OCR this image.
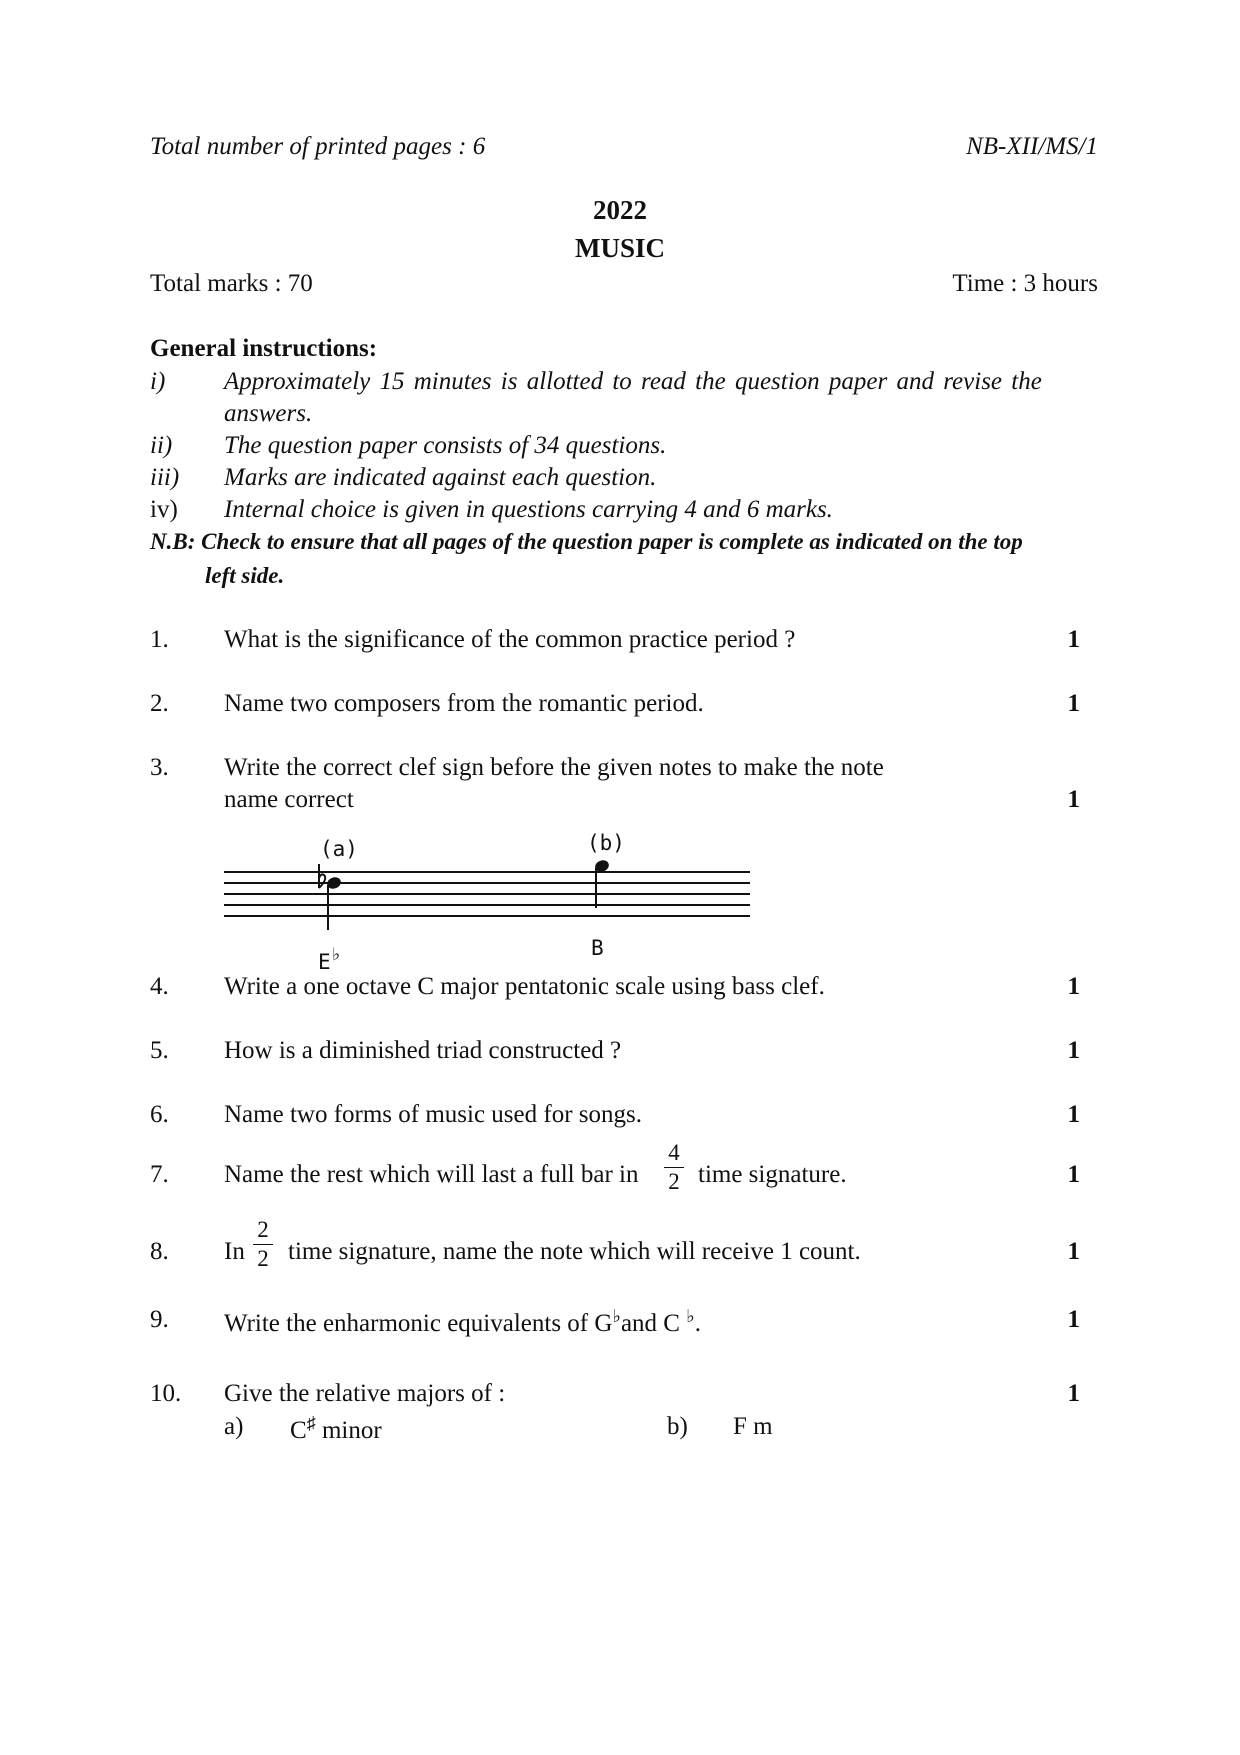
Total number of printed pages : 6	NB-XII/MS/1
2022
MUSIC
Total marks : 70	Time : 3 hours
General instructions:
i) Approximately 15 minutes is allotted to read the question paper and revise the
answers.
ii) The question paper consists of 34 questions.
iii) Marks are indicated against each question.
iv) Internal choice is given in questions carrying 4 and 6 marks.
N.B: Check to ensure that all pages of the question paper is complete as indicated on the top
left side.
1.	What is the significance of the common practice period ?	1
2.	Name two composers from the romantic period.	1
3.	Write the correct clef sign before the given notes to make the note
name correct	1
(a)	(b)
E♭	B
4.	Write a one octave C major pentatonic scale using bass clef.	1
5.	How is a diminished triad constructed ?	1
6.	Name two forms of music used for songs.	1
7.	Name the rest which will last a full bar in
4
2 time signature.	1
8.	In
2
2 time signature, name the note which will receive 1 count.	1
9.	Write the enharmonic equivalents of G♭and C ♭.	1
10.	Give the relative majors of :	1
a) C♯ minor	b) F m
